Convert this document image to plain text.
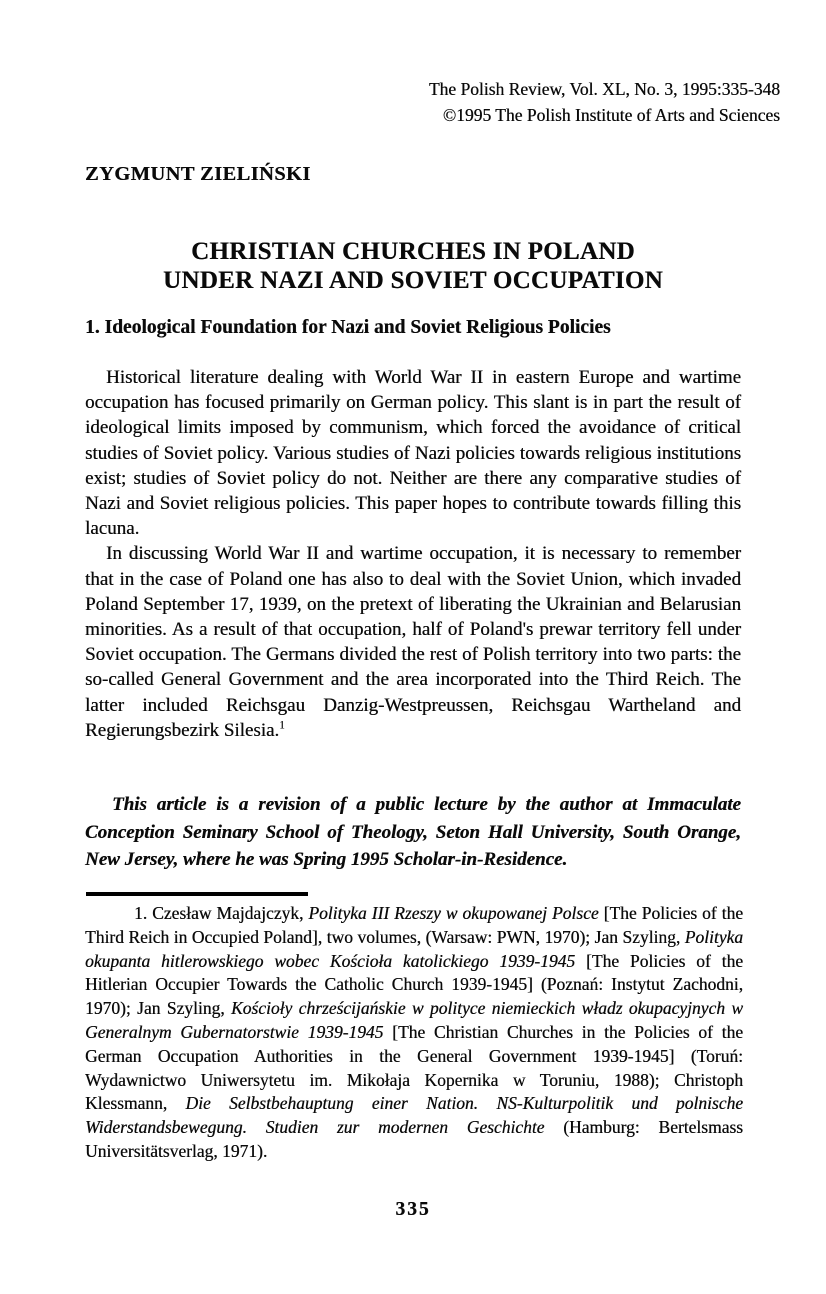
The Polish Review, Vol. XL, No. 3, 1995:335-348
©1995 The Polish Institute of Arts and Sciences
ZYGMUNT ZIELIŃSKI
CHRISTIAN CHURCHES IN POLAND
UNDER NAZI AND SOVIET OCCUPATION
1. Ideological Foundation for Nazi and Soviet Religious Policies

Historical literature dealing with World War II in eastern Europe and wartime occupation has focused primarily on German policy. This slant is in part the result of ideological limits imposed by communism, which forced the avoidance of critical studies of Soviet policy. Various studies of Nazi policies towards religious institutions exist; studies of Soviet policy do not. Neither are there any comparative studies of Nazi and Soviet religious policies. This paper hopes to contribute towards filling this lacuna.

In discussing World War II and wartime occupation, it is necessary to remember that in the case of Poland one has also to deal with the Soviet Union, which invaded Poland September 17, 1939, on the pretext of liberating the Ukrainian and Belarusian minorities. As a result of that occupation, half of Poland's prewar territory fell under Soviet occupation. The Germans divided the rest of Polish territory into two parts: the so-called General Government and the area incorporated into the Third Reich. The latter included Reichsgau Danzig-Westpreussen, Reichsgau Wartheland and Regierungsbezirk Silesia.$^1$

This article is a revision of a public lecture by the author at Immaculate Conception Seminary School of Theology, Seton Hall University, South Orange, New Jersey, where he was Spring 1995 Scholar-in-Residence.
1. Czesław Majdajczyk, Polityka III Rzeszy w okupowanej Polsce [The Policies of the Third Reich in Occupied Poland], two volumes, (Warsaw: PWN, 1970); Jan Szyling, Polityka okupanta hitlerowskiego wobec Kościoła katolickiego 1939-1945 [The Policies of the Hitlerian Occupier Towards the Catholic Church 1939-1945] (Poznań: Instytut Zachodni, 1970); Jan Szyling, Kościoły chrześcijańskie w polityce niemieckich władz okupacyjnych w Generalnym Gubernatorstwie 1939-1945 [The Christian Churches in the Policies of the German Occupation Authorities in the General Government 1939-1945] (Toruń: Wydawnictwo Uniwersytetu im. Mikołaja Kopernika w Toruniu, 1988); Christoph Klessmann, Die Selbstbehauptung einer Nation. NS-Kulturpolitik und polnische Widerstandsbewegung. Studien zur modernen Geschichte (Hamburg: Bertelsmass Universitätsverlag, 1971).
335
